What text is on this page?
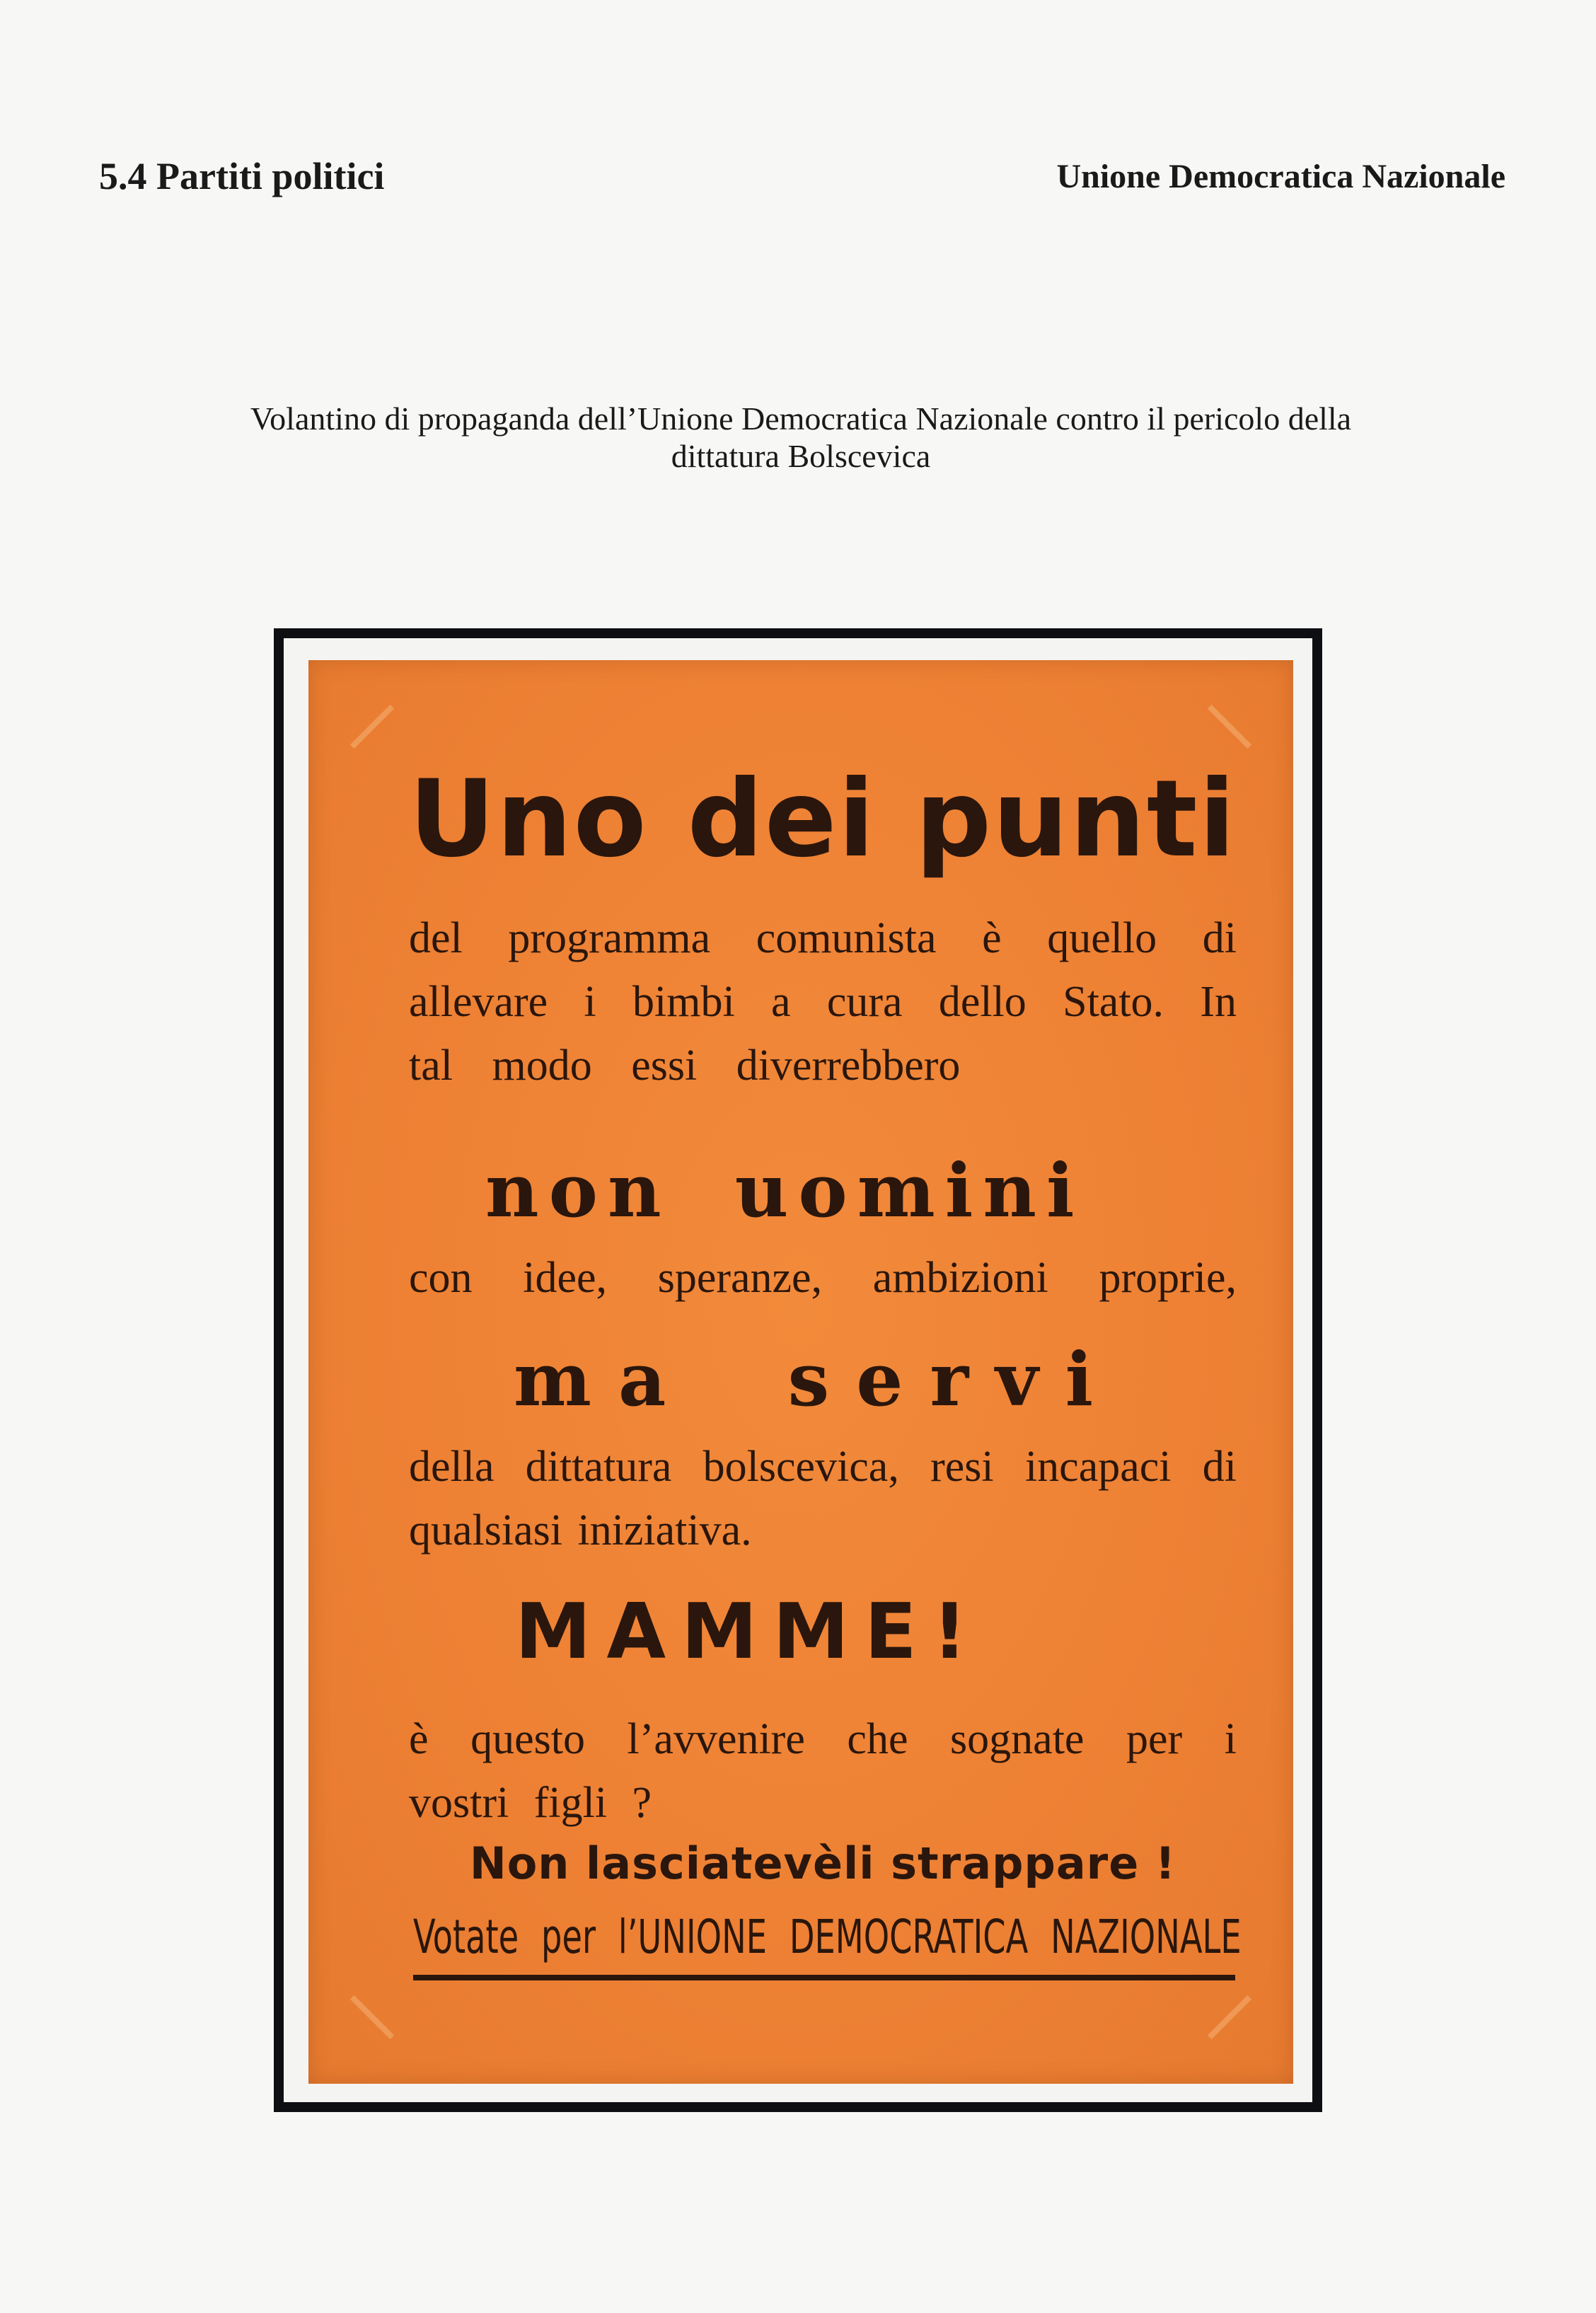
5.4 Partiti politici	Unione Democratica Nazionale
Volantino di propaganda dell’Unione Democratica Nazionale contro il pericolo della
dittatura Bolscevica
Uno dei punti
del programma comunista è quello di
allevare i bimbi a cura dello Stato. In
tal modo essi diverrebbero
non uomini
con idee, speranze, ambizioni proprie,
ma servi
della dittatura bolscevica, resi incapaci di
qualsiasi iniziativa.
MAMME!
è questo l’avvenire che sognate per i
vostri figli ?
Non lasciatevèli strappare !
Votate per l’UNIONE DEMOCRATICA NAZIONALE
